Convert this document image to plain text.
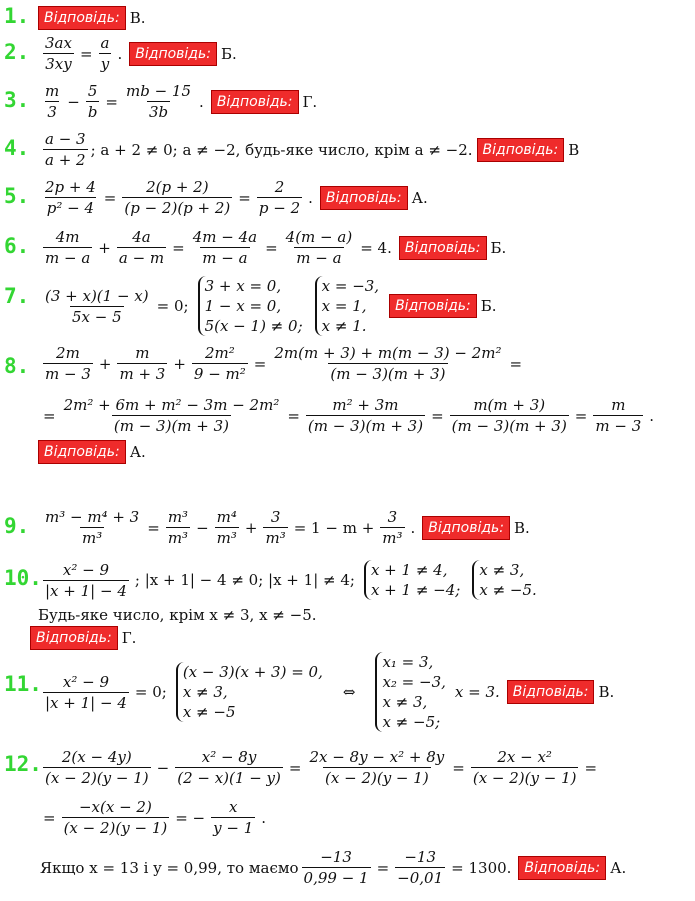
1.	Відповідь: В.
2. $\frac{3ax}{3xy} = \frac{a}{y}$ . Відповідь: Б.
3. $\frac{m}{3} - \frac{5}{b} = \frac{mb - 15}{3b}$ . Відповідь: Г.
4. $\frac{a - 3}{a + 2}$ ; a + 2 ≠ 0; a ≠ −2, будь-яке число, крім a ≠ −2. Відповідь: В
5. $\frac{2p + 4}{\text{p² − 4}} = \frac{2(p + 2)}{(p - 2)(p + 2)} = \frac{2}{p - 2}$ . Відповідь: А.
6. $\frac{4m}{m - a} + \frac{4a}{a - m} = \frac{4m - 4a}{m - a} = \frac{4(m - a)}{m - a} = 4$. Відповідь: Б.
7. $\frac{(3 + x)(1 - x)}{5x - 5} = 0$;
3 + x = 0,
1 − x = 0,
5(x − 1) ≠ 0;
x = −3,
x = 1,
x ≠ 1.
Відповідь: Б.
8. $\frac{2m}{m - 3} + \frac{m}{m + 3} + \frac{\text{2m²}}{\text{9 − m²}} = \frac{\text{2m(m + 3) + m(m − 3) − 2m²}}{(m - 3)(m + 3)}$ =
= $\frac{\text{2m² + 6m + m² − 3m − 2m²}}{(m - 3)(m + 3)} = \frac{\text{m² + 3m}}{(m - 3)(m + 3)} = \frac{m(m + 3)}{(m - 3)(m + 3)} = \frac{m}{m - 3}$ .
Відповідь: А.
9. $\frac{\text{m³ − m⁴ + 3}}{\text{m³}} = \frac{\text{m³}}{\text{m³}} - \frac{\text{m⁴}}{\text{m³}} + \frac{3}{\text{m³}} = 1 - m + \frac{3}{\text{m³}}$ . Відповідь: В.
10. $\frac{\text{x² − 9}}{|x + 1| - 4}$ ; |x + 1| − 4 ≠ 0; |x + 1| ≠ 4;
x + 1 ≠ 4,
x + 1 ≠ −4;
x ≠ 3,
x ≠ −5.
Будь-яке число, крім x ≠ 3, x ≠ −5.
Відповідь: Г.
11. $\frac{\text{x² − 9}}{|x + 1| - 4} = 0$;
(x − 3)(x + 3) = 0,
x ≠ 3,
x ≠ −5
⇔
x₁ = 3,
x₂ = −3,
x ≠ 3,
x ≠ −5;
x = 3. Відповідь: В.
12. $\frac{2(x - 4y)}{(x - 2)(y - 1)} - \frac{\text{x² − 8y}}{(2 - x)(1 - y)} = \frac{\text{2x − 8y − x² + 8y}}{(x - 2)(y - 1)} = \frac{\text{2x − x²}}{(x - 2)(y - 1)}$ =
= $\frac{-x(x - 2)}{(x - 2)(y - 1)}$ = − $\frac{x}{y - 1}$ .
Якщо x = 13 і y = 0,99, то маємо $\frac{-13}{0,99 - 1} = \frac{-13}{-0,01} = 1300$. Відповідь: А.
